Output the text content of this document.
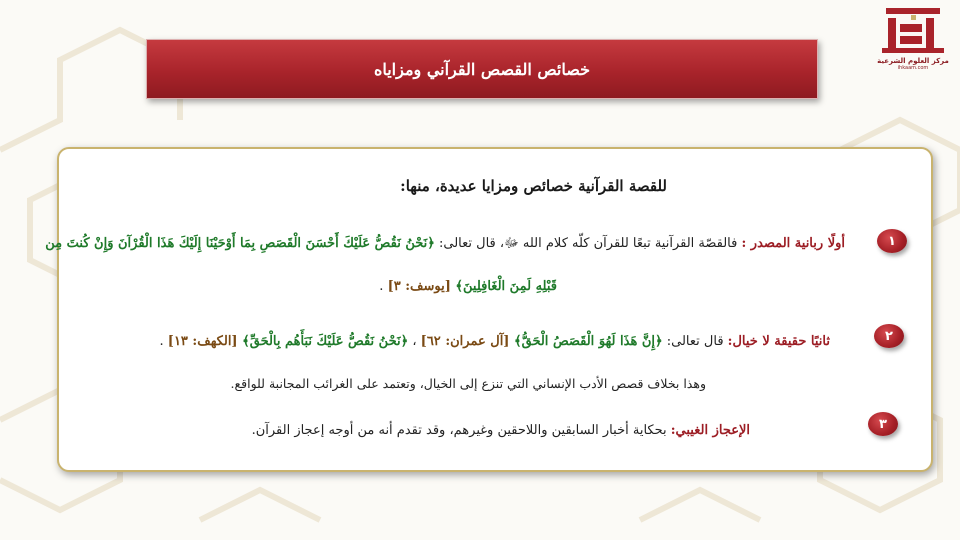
مركز العلوم الشرعية
ihkaam.com
خصائص القصص القرآني ومزاياه
للقصة القرآنية خصائص ومزايا عديدة، منها:
١
أولًا ربانية المصدر : فالقصّة القرآنية تبعًا للقرآن كلّه كلام الله ﷻ، قال تعالى: ﴿نَحْنُ نَقُصُّ عَلَيْكَ أَحْسَنَ الْقَصَصِ بِمَا أَوْحَيْنَا إِلَيْكَ هَذَا الْقُرْآنَ وَإِنْ كُنتَ مِن
قَبْلِهِ لَمِنَ الْغَافِلِينَ﴾ [يوسف: ٣] .
٢
ثانيًا حقيقة لا خيال: قال تعالى: ﴿إِنَّ هَذَا لَهُوَ الْقَصَصُ الْحَقُّ﴾ [آل عمران: ٦٢] ، ﴿نَحْنُ نَقُصُّ عَلَيْكَ نَبَأَهُم بِالْحَقِّ﴾ [الكهف: ١٣] .
وهذا بخلاف قصص الأدب الإنساني التي تنزع إلى الخيال، وتعتمد على الغرائب المجانبة للواقع.
٣
الإعجاز الغيبي: بحكاية أخبار السابقين واللاحقين وغيرهم، وقد تقدم أنه من أوجه إعجاز القرآن.
